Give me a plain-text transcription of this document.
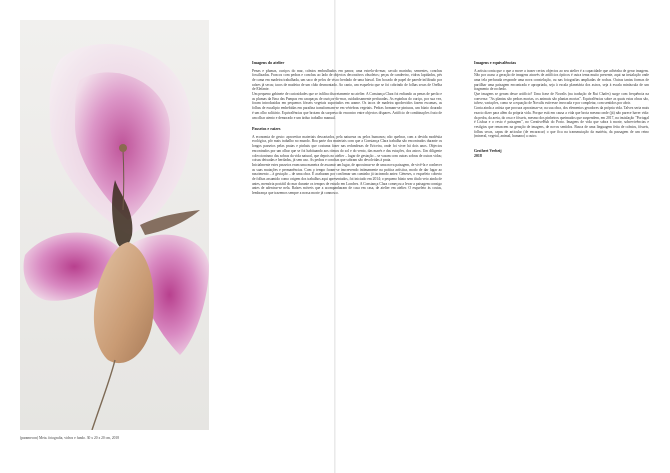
(paramecon) Meta. fotografia, vidros e fundo. 30 x 20 x 20 cm, 2018
Imagens do atelier

Penas e plumas, ouriços do mar, crânios embrulhados em panos; uma estrela-do-mar, cavalo marinho, sementes, conchas fossilizadas. Frascos com pedras e conchas ao lado de objectos decorativos obsoletos; peças de candeeiro, vidros lapidados, pés de cama em madeira trabalhada, um saco de pelos de visco herdado de uma hiaval. Um bocado de papel de parede infiltrado por raízes já secas; tacos de madeira de um chão desmontado. Ao canto, um esqueleto que se foi cobrindo de folhas secas de Orelha de Elefante.

Um pequeno gabinete de curiosidades que se infiltra discretamente no atelier. A Constança Clara foi enfiando as penas de pavão e as plumas da Ema das Pampas em carapaças de ouriços-do-mar, cuidadosamente perfuradas. As espinhas do ouriço, por sua vez, foram introduzidas em pequenos fósseis vegetais suportados em arame. Os tacos de madeira apodrecidos fazem escamas, as folhas de eucalipto embebidas em parafina transformam-se em vértebras vegetais. Pedras formam-se pinturas, um búzio dourado é um olho solitário. Equivalências que brotam da surpresa do encontro entre objectos díspares. Artifício de combinações fruto de um olhar atento e demorado e um árduo trabalho manual.

Passeios e raízes

A economia de gesto: aproveitar materiais descartados, pela natureza ou pelos humanos; não quebrar, com a devida modéstia ecológica, pôr mais trabalho no mundo. Boa parte dos materiais com que a Constança Clara trabalha são encontrados durante os longos passeios pelas praias e pinhais que costuma fazer nas redondezas de Ericeira, onde foi viver há dois anos. Objectos encontrados por um olhar que se foi habituando aos ritmos do sol e do vento, das marés e das estações, dos astros. Um diligente coleccionismo das sobras da vida natural, que depois no atelier – lugar de gestação – se vasam com outras sobras de outras vidas; coisas deixadas e herdadas, já sem uso. As pedras e conchas que sobram são devolvidas à praia.

Inicialmente estes passeios eram uma maneira de assumir um lugar, de aproximar-se de uma nova paisagem, de vivê-la e conhecer as suas mutações e permanências. Com o tempo foram-se inscrevendo intimamente na prática artística, modo de dar lugar ao nascimento – à gestação – de uma obra. É acabaram por confirmar um caminho já tacteando antes: Géneses, o esqueleto coberto de folhas assumido como origem dos trabalhos aqui apresentados, foi iniciado em 2014; o pequeno búzio sem título veio ainda de antes, memória portátil do mar durante os tempos de estudo em Londres. A Constança Clara começou a levar a paisagem consigo antes de adentrar-se nela. Raízes móveis que a acompanharam de casa em casa, de atelier em atelier. O esqueleto às costas, lembrança que trazemos sempre a nossa morte já connosco.

Imagens e equivalências

A artista conta que o que a move a trazer certos objectos ao seu atelier é a capacidade que adivinha de gerar imagens. Não por acaso a geração de imagens através de artifícios ópticos é outra tema muito presente, aqui na instalação onde uma tela perfurada responde uma nova constelação, ou nas fotografias ampliadas de rochas. Outras tantas formas de partilhar uma paisagem encontrada e apropriada, seja à escala planetária dos astros, seja à escala minúscula de um fragmento de rochedo.

Que imagens se geram desse artifício? Uma frase de Novalis (na tradução de Rui Chafes) surge com frequência na conversa: "As plantas são pedras mortas, os animais são plantas mortas". Equivalências sobre as quais estas obras são, talvez, variações, como se a equação de Novalis estivesse invocada e por completar, com sentidos por abrir.

Conta ainda a artista que procura aproximar-se, na sua obra, dos elementos geradores da própria vida. Talvez seria mais exacto dizer para além da própria vida. Porque está em causa a vida que brota mesmo onde (já) não parece haver vida: da pedra, da areia, do osso e fósseis, mesmo dos pinheiros queimados que suspendem, em 2017, na instalação "Portugal é Lisboa e o resto é paisagem", no CreativeHub do Porto. Imagens de vida que sobra à morte, sobrevivências e vestígios que renascem na geração de imagens, de novos sentidos. Busca de uma linguagem feita de crânios, fósseis, folhas secas, capas de articular (de encaracar) o que fica na transmutação da matéria, da passagem de um reino (mineral, vegetal, animal, humano) a outro.

Gesthert Verheij
2018
